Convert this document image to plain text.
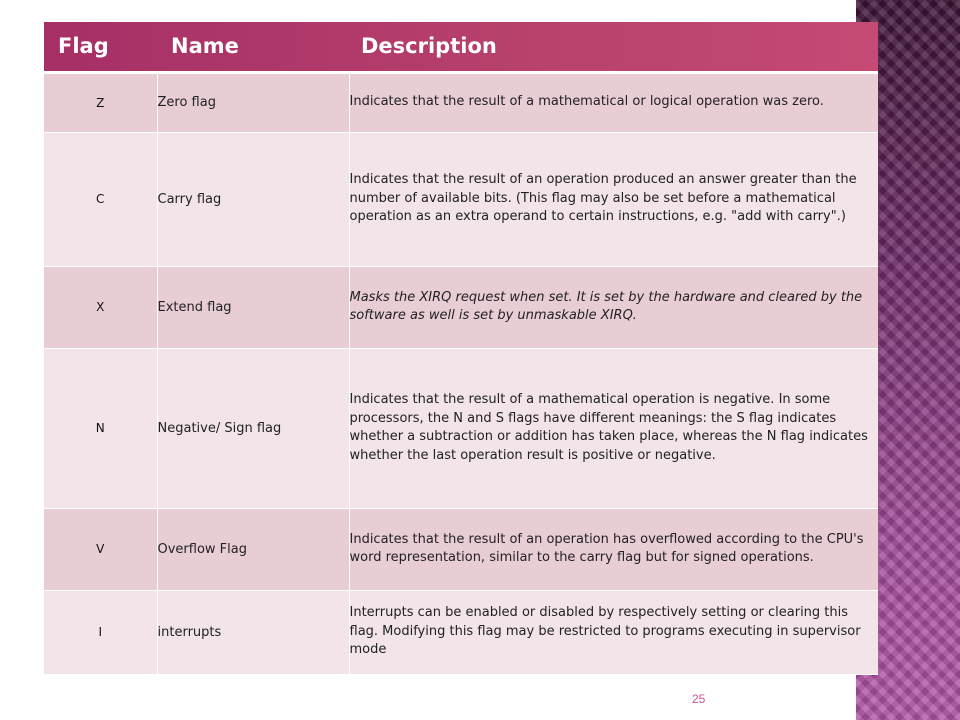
Flag	Name	Description
Z	Zero flag	Indicates that the result of a mathematical or logical operation was zero.
C	Carry flag	Indicates that the result of an operation produced an answer greater than the number of available bits. (This flag may also be set before a mathematical operation as an extra operand to certain instructions, e.g. "add with carry".)
X	Extend flag	Masks the XIRQ request when set. It is set by the hardware and cleared by the software as well is set by unmaskable XIRQ.
N	Negative/ Sign flag	Indicates that the result of a mathematical operation is negative. In some processors, the N and S flags have different meanings: the S flag indicates whether a subtraction or addition has taken place, whereas the N flag indicates whether the last operation result is positive or negative.
V	Overflow Flag	Indicates that the result of an operation has overflowed according to the CPU's word representation, similar to the carry flag but for signed operations.
I	interrupts	Interrupts can be enabled or disabled by respectively setting or clearing this flag. Modifying this flag may be restricted to programs executing in supervisor mode
25
